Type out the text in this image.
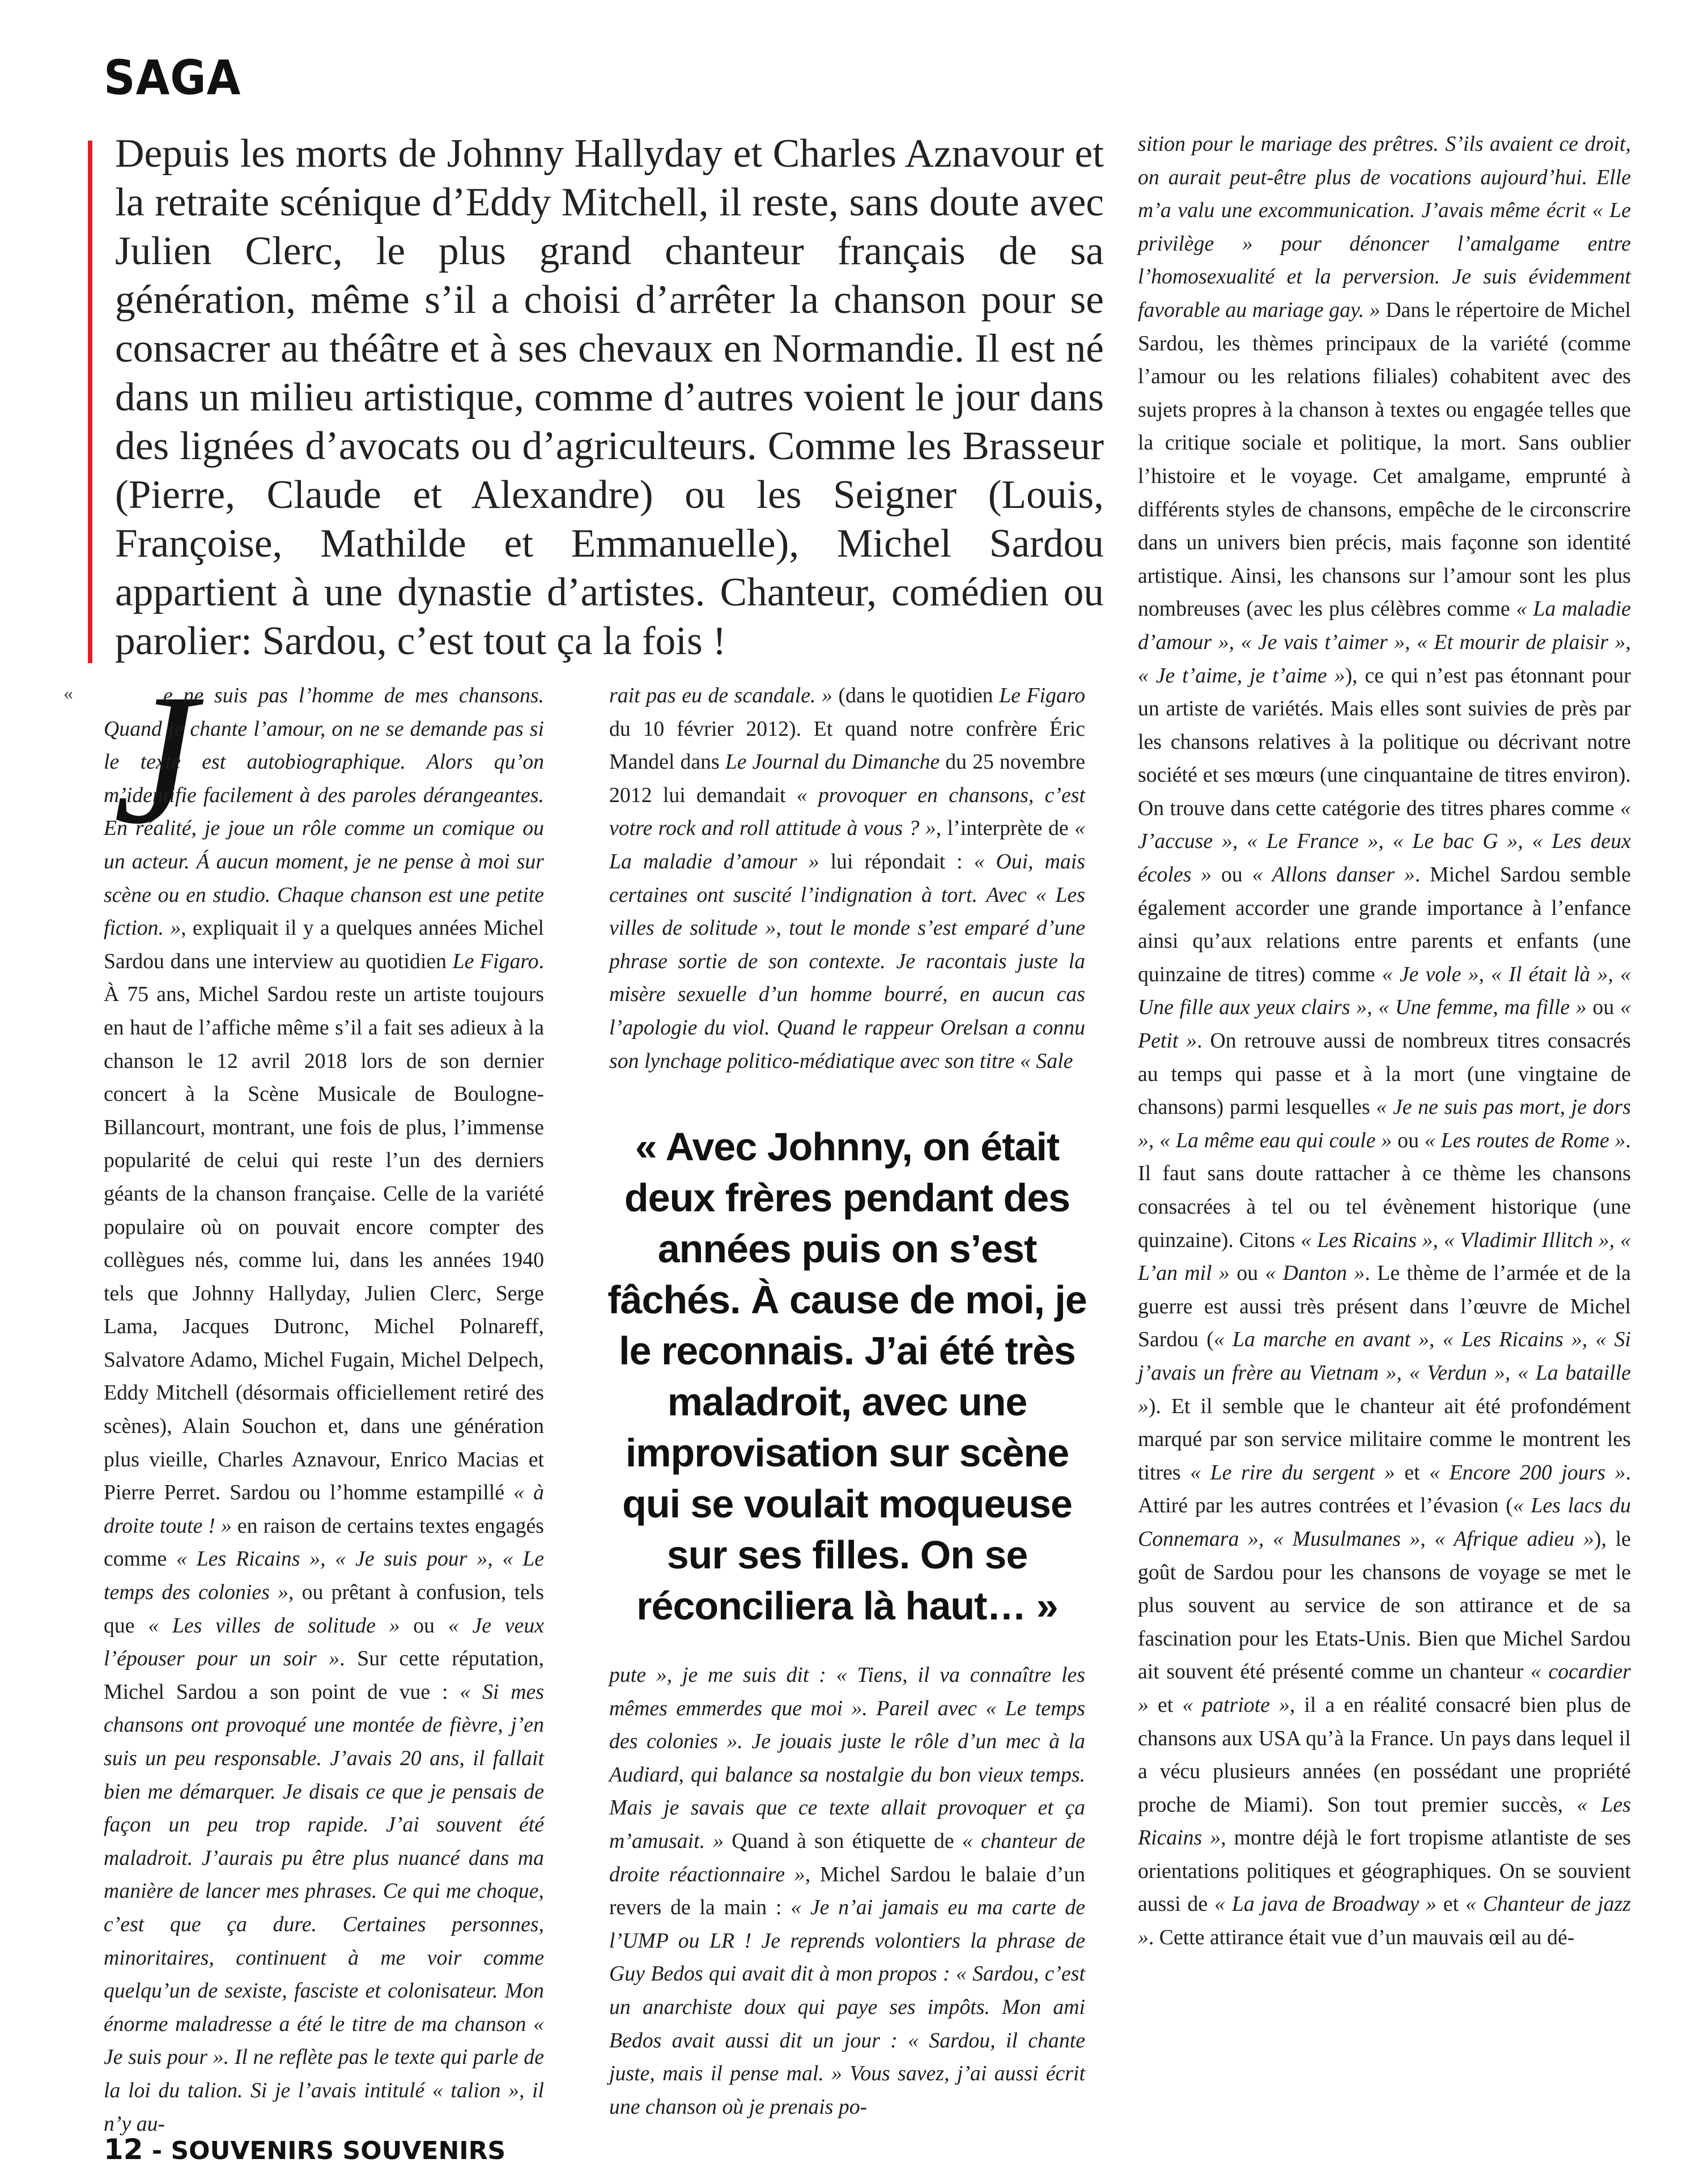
SAGA

Depuis les morts de Johnny Hallyday et Charles Aznavour et la retraite scénique d’Eddy Mitchell, il reste, sans doute avec Julien Clerc, le plus grand chanteur français de sa génération, même s’il a choisi d’arrêter la chanson pour se consacrer au théâtre et à ses chevaux en Normandie. Il est né dans un milieu artistique, comme d’autres voient le jour dans des lignées d’avocats ou d’agriculteurs. Comme les Brasseur (Pierre, Claude et Alexandre) ou les Seigner (Louis, Françoise, Mathilde et Emmanuelle), Michel Sardou appartient à une dynastie d’artistes. Chanteur, comédien ou parolier: Sardou, c’est tout ça la fois !

« J

e ne suis pas l’homme de mes chansons. Quand je chante l’amour, on ne se demande pas si le texte est autobiographique. Alors qu’on m’identifie facilement à des paroles dérangeantes. En réalité, je joue un rôle comme un comique ou un acteur. Á aucun moment, je ne pense à moi sur scène ou en studio. Chaque chanson est une petite fiction. », expliquait il y a quelques années Michel Sardou dans une interview au quotidien Le Figaro. À 75 ans, Michel Sardou reste un artiste toujours en haut de l’affiche même s’il a fait ses adieux à la chanson le 12 avril 2018 lors de son dernier concert à la Scène Musicale de Boulogne-Billancourt, montrant, une fois de plus, l’immense popularité de celui qui reste l’un des derniers géants de la chanson française. Celle de la variété populaire où on pouvait encore compter des collègues nés, comme lui, dans les années 1940 tels que Johnny Hallyday, Julien Clerc, Serge Lama, Jacques Dutronc, Michel Polnareff, Salvatore Adamo, Michel Fugain, Michel Delpech, Eddy Mitchell (désormais officiellement retiré des scènes), Alain Souchon et, dans une génération plus vieille, Charles Aznavour, Enrico Macias et Pierre Perret. Sardou ou l’homme estampillé « à droite toute ! » en raison de certains textes engagés comme « Les Ricains », « Je suis pour », « Le temps des colonies », ou prêtant à confusion, tels que « Les villes de solitude » ou « Je veux l’épouser pour un soir ». Sur cette réputation, Michel Sardou a son point de vue : « Si mes chansons ont provoqué une montée de fièvre, j’en suis un peu responsable. J’avais 20 ans, il fallait bien me démarquer. Je disais ce que je pensais de façon un peu trop rapide. J’ai souvent été maladroit. J’aurais pu être plus nuancé dans ma manière de lancer mes phrases. Ce qui me choque, c’est que ça dure. Certaines personnes, minoritaires, continuent à me voir comme quelqu’un de sexiste, fasciste et colonisateur. Mon énorme maladresse a été le titre de ma chanson « Je suis pour ». Il ne reflète pas le texte qui parle de la loi du talion. Si je l’avais intitulé « talion », il n’y au-

rait pas eu de scandale. » (dans le quotidien Le Figaro du 10 février 2012). Et quand notre confrère Éric Mandel dans Le Journal du Dimanche du 25 novembre 2012 lui demandait « provoquer en chansons, c’est votre rock and roll attitude à vous ? », l’interprète de « La maladie d’amour » lui répondait : « Oui, mais certaines ont suscité l’indignation à tort. Avec « Les villes de solitude », tout le monde s’est emparé d’une phrase sortie de son contexte. Je racontais juste la misère sexuelle d’un homme bourré, en aucun cas l’apologie du viol. Quand le rappeur Orelsan a connu son lynchage politico-médiatique avec son titre « Sale

« Avec Johnny, on était deux frères pendant des années puis on s’est fâchés. À cause de moi, je le reconnais. J’ai été très maladroit, avec une improvisation sur scène qui se voulait moqueuse sur ses filles. On se réconciliera là haut… »

pute », je me suis dit : « Tiens, il va connaître les mêmes emmerdes que moi ». Pareil avec « Le temps des colonies ». Je jouais juste le rôle d’un mec à la Audiard, qui balance sa nostalgie du bon vieux temps. Mais je savais que ce texte allait provoquer et ça m’amusait. » Quand à son étiquette de « chanteur de droite réactionnaire », Michel Sardou le balaie d’un revers de la main : « Je n’ai jamais eu ma carte de l’UMP ou LR ! Je reprends volontiers la phrase de Guy Bedos qui avait dit à mon propos : « Sardou, c’est un anarchiste doux qui paye ses impôts. Mon ami Bedos avait aussi dit un jour : « Sardou, il chante juste, mais il pense mal. » Vous savez, j’ai aussi écrit une chanson où je prenais po-

sition pour le mariage des prêtres. S’ils avaient ce droit, on aurait peut-être plus de vocations aujourd’hui. Elle m’a valu une excommunication. J’avais même écrit « Le privilège » pour dénoncer l’amalgame entre l’homosexualité et la perversion. Je suis évidemment favorable au mariage gay. » Dans le répertoire de Michel Sardou, les thèmes principaux de la variété (comme l’amour ou les relations filiales) cohabitent avec des sujets propres à la chanson à textes ou engagée telles que la critique sociale et politique, la mort. Sans oublier l’histoire et le voyage. Cet amalgame, emprunté à différents styles de chansons, empêche de le circonscrire dans un univers bien précis, mais façonne son identité artistique. Ainsi, les chansons sur l’amour sont les plus nombreuses (avec les plus célèbres comme « La maladie d’amour », « Je vais t’aimer », « Et mourir de plaisir », « Je t’aime, je t’aime »), ce qui n’est pas étonnant pour un artiste de variétés. Mais elles sont suivies de près par les chansons relatives à la politique ou décrivant notre société et ses mœurs (une cinquantaine de titres environ). On trouve dans cette catégorie des titres phares comme « J’accuse », « Le France », « Le bac G », « Les deux écoles » ou « Allons danser ». Michel Sardou semble également accorder une grande importance à l’enfance ainsi qu’aux relations entre parents et enfants (une quinzaine de titres) comme « Je vole », « Il était là », « Une fille aux yeux clairs », « Une femme, ma fille » ou « Petit ». On retrouve aussi de nombreux titres consacrés au temps qui passe et à la mort (une vingtaine de chansons) parmi lesquelles « Je ne suis pas mort, je dors », « La même eau qui coule » ou « Les routes de Rome ». Il faut sans doute rattacher à ce thème les chansons consacrées à tel ou tel évènement historique (une quinzaine). Citons « Les Ricains », « Vladimir Illitch », « L’an mil » ou « Danton ». Le thème de l’armée et de la guerre est aussi très présent dans l’œuvre de Michel Sardou (« La marche en avant », « Les Ricains », « Si j’avais un frère au Vietnam », « Verdun », « La bataille »). Et il semble que le chanteur ait été profondément marqué par son service militaire comme le montrent les titres « Le rire du sergent » et « Encore 200 jours ». Attiré par les autres contrées et l’évasion (« Les lacs du Connemara », « Musulmanes », « Afrique adieu »), le goût de Sardou pour les chansons de voyage se met le plus souvent au service de son attirance et de sa fascination pour les Etats-Unis. Bien que Michel Sardou ait souvent été présenté comme un chanteur « cocardier » et « patriote », il a en réalité consacré bien plus de chansons aux USA qu’à la France. Un pays dans lequel il a vécu plusieurs années (en possédant une propriété proche de Miami). Son tout premier succès, « Les Ricains », montre déjà le fort tropisme atlantiste de ses orientations politiques et géographiques. On se souvient aussi de « La java de Broadway » et « Chanteur de jazz ». Cette attirance était vue d’un mauvais œil au dé-

12 - SOUVENIRS SOUVENIRS
